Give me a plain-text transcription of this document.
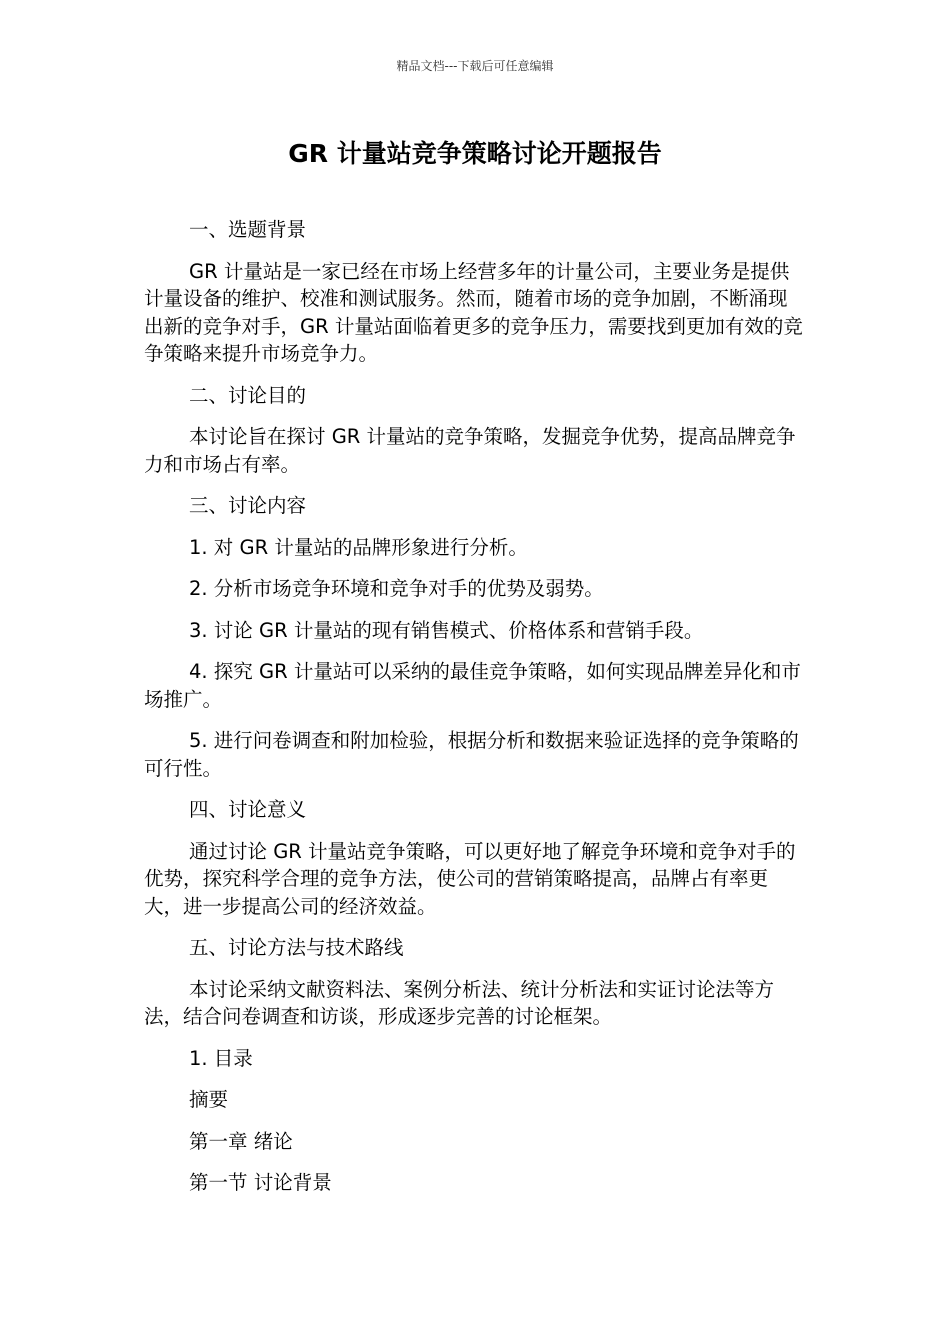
精品文档---下载后可任意编辑
GR 计量站竞争策略讨论开题报告

一、选题背景

GR 计量站是一家已经在市场上经营多年的计量公司，主要业务是提供计量设备的维护、校准和测试服务。然而，随着市场的竞争加剧，不断涌现出新的竞争对手，GR 计量站面临着更多的竞争压力，需要找到更加有效的竞争策略来提升市场竞争力。

二、讨论目的

本讨论旨在探讨 GR 计量站的竞争策略，发掘竞争优势，提高品牌竞争力和市场占有率。

三、讨论内容

1. 对 GR 计量站的品牌形象进行分析。

2. 分析市场竞争环境和竞争对手的优势及弱势。

3. 讨论 GR 计量站的现有销售模式、价格体系和营销手段。

4. 探究 GR 计量站可以采纳的最佳竞争策略，如何实现品牌差异化和市场推广。

5. 进行问卷调查和附加检验，根据分析和数据来验证选择的竞争策略的可行性。

四、讨论意义

通过讨论 GR 计量站竞争策略，可以更好地了解竞争环境和竞争对手的优势，探究科学合理的竞争方法，使公司的营销策略提高，品牌占有率更大，进一步提高公司的经济效益。

五、讨论方法与技术路线

本讨论采纳文献资料法、案例分析法、统计分析法和实证讨论法等方法，结合问卷调查和访谈，形成逐步完善的讨论框架。

1. 目录

摘要

第一章 绪论

第一节 讨论背景
